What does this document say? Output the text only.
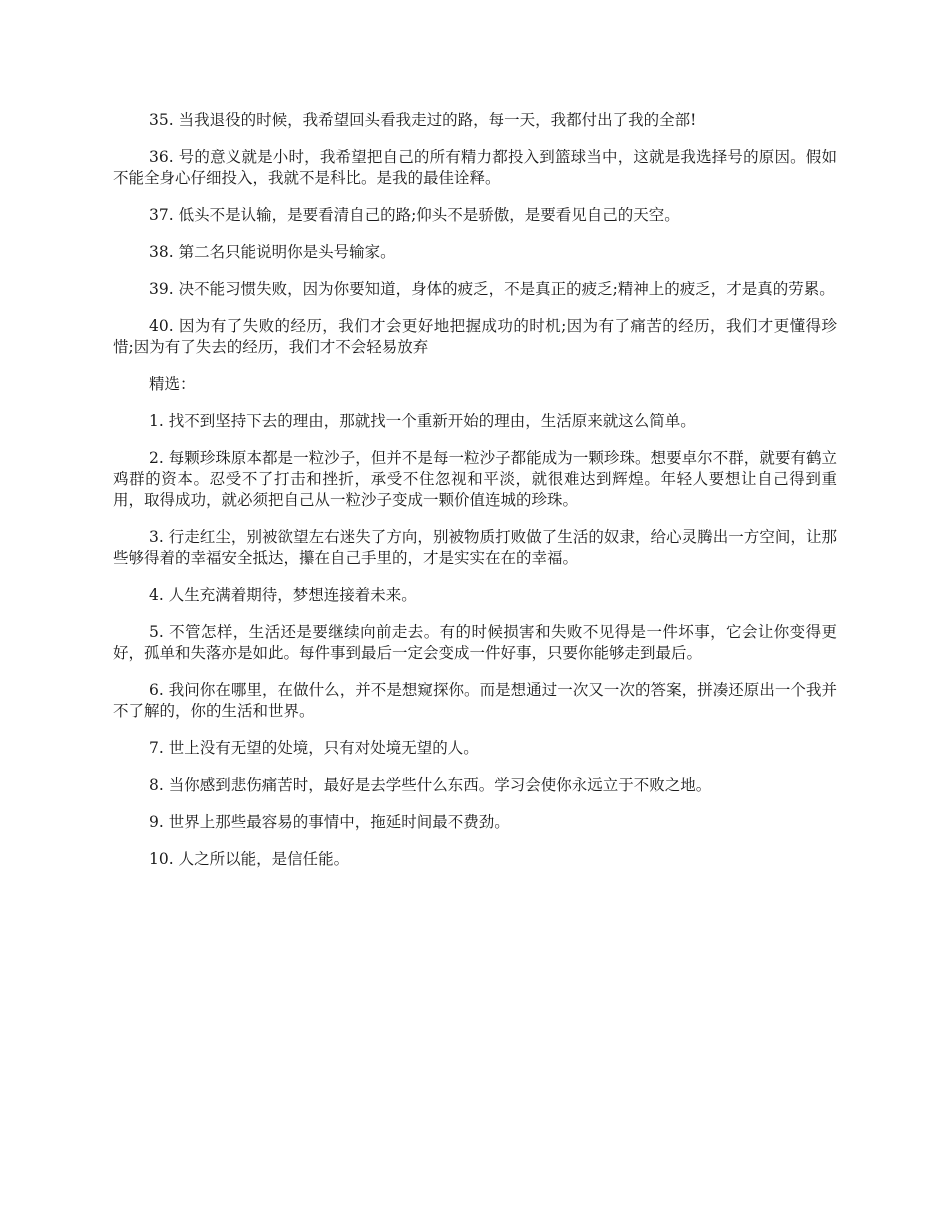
35. 当我退役的时候，我希望回头看我走过的路，每一天，我都付出了我的全部!

36. 号的意义就是小时，我希望把自己的所有精力都投入到篮球当中，这就是我选择号的原因。假如不能全身心仔细投入，我就不是科比。是我的最佳诠释。

37. 低头不是认输，是要看清自己的路;仰头不是骄傲，是要看见自己的天空。

38. 第二名只能说明你是头号输家。

39. 决不能习惯失败，因为你要知道，身体的疲乏，不是真正的疲乏;精神上的疲乏，才是真的劳累。

40. 因为有了失败的经历，我们才会更好地把握成功的时机;因为有了痛苦的经历，我们才更懂得珍惜;因为有了失去的经历，我们才不会轻易放弃

精选：

1. 找不到坚持下去的理由，那就找一个重新开始的理由，生活原来就这么简单。

2. 每颗珍珠原本都是一粒沙子，但并不是每一粒沙子都能成为一颗珍珠。想要卓尔不群，就要有鹤立鸡群的资本。忍受不了打击和挫折，承受不住忽视和平淡，就很难达到辉煌。年轻人要想让自己得到重用，取得成功，就必须把自己从一粒沙子变成一颗价值连城的珍珠。

3. 行走红尘，别被欲望左右迷失了方向，别被物质打败做了生活的奴隶，给心灵腾出一方空间，让那些够得着的幸福安全抵达，攥在自己手里的，才是实实在在的幸福。

4. 人生充满着期待，梦想连接着未来。

5. 不管怎样，生活还是要继续向前走去。有的时候损害和失败不见得是一件坏事，它会让你变得更好，孤单和失落亦是如此。每件事到最后一定会变成一件好事，只要你能够走到最后。

6. 我问你在哪里，在做什么，并不是想窥探你。而是想通过一次又一次的答案，拼凑还原出一个我并不了解的，你的生活和世界。

7. 世上没有无望的处境，只有对处境无望的人。

8. 当你感到悲伤痛苦时，最好是去学些什么东西。学习会使你永远立于不败之地。

9. 世界上那些最容易的事情中，拖延时间最不费劲。

10. 人之所以能，是信任能。
